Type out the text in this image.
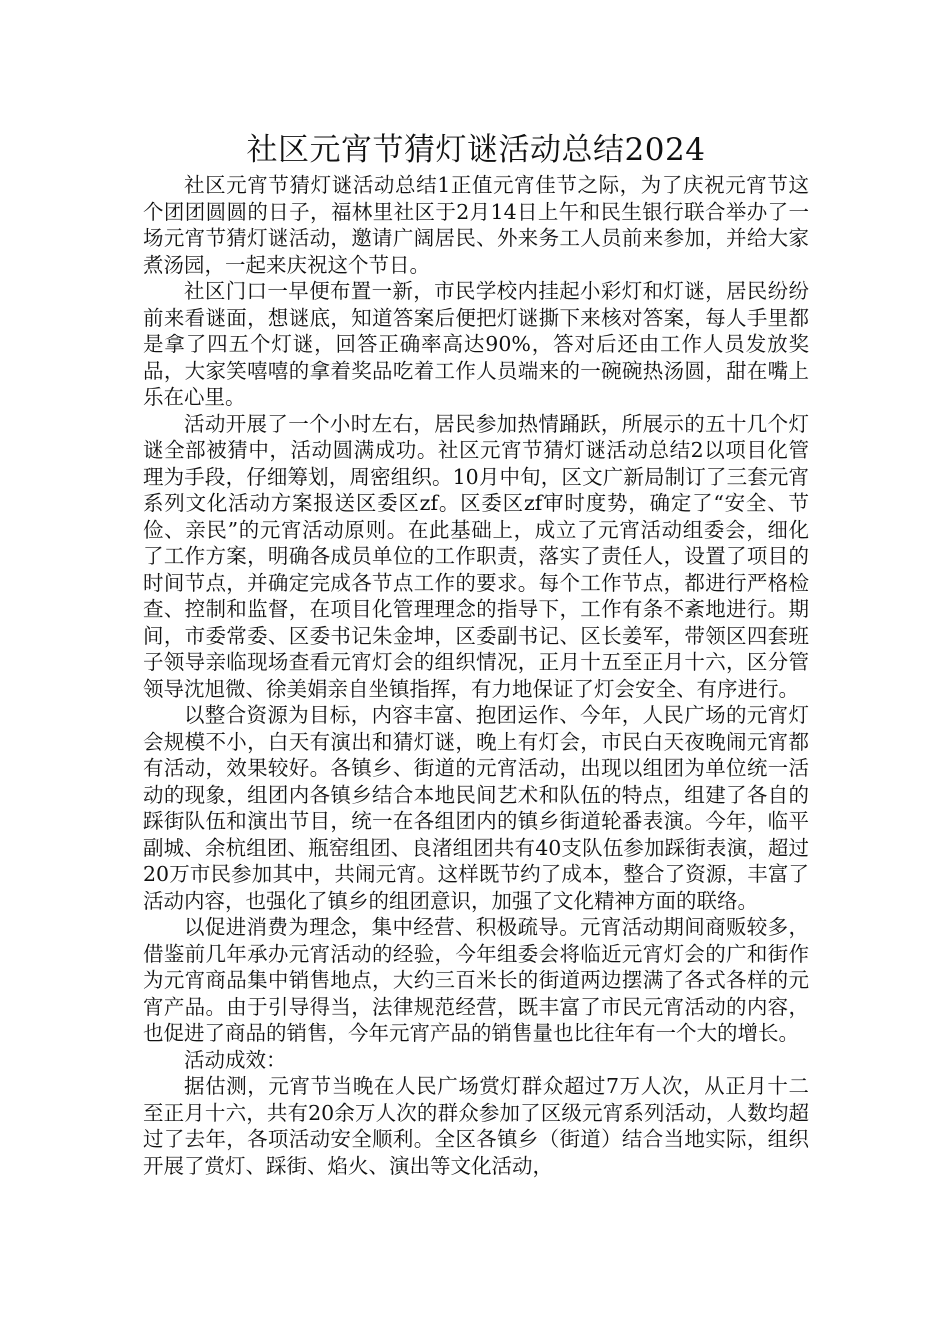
社区元宵节猜灯谜活动总结2024

社区元宵节猜灯谜活动总结1正值元宵佳节之际，为了庆祝元宵节这个团团圆圆的日子，福林里社区于2月14日上午和民生银行联合举办了一场元宵节猜灯谜活动，邀请广阔居民、外来务工人员前来参加，并给大家煮汤园，一起来庆祝这个节日。

社区门口一早便布置一新，市民学校内挂起小彩灯和灯谜，居民纷纷前来看谜面，想谜底，知道答案后便把灯谜撕下来核对答案，每人手里都是拿了四五个灯谜，回答正确率高达90%，答对后还由工作人员发放奖品，大家笑嘻嘻的拿着奖品吃着工作人员端来的一碗碗热汤圆，甜在嘴上乐在心里。

活动开展了一个小时左右，居民参加热情踊跃，所展示的五十几个灯谜全部被猜中，活动圆满成功。社区元宵节猜灯谜活动总结2以项目化管理为手段，仔细筹划，周密组织。10月中旬，区文广新局制订了三套元宵系列文化活动方案报送区委区zf。区委区zf审时度势，确定了“安全、节俭、亲民”的元宵活动原则。在此基础上，成立了元宵活动组委会，细化了工作方案，明确各成员单位的工作职责，落实了责任人，设置了项目的时间节点，并确定完成各节点工作的要求。每个工作节点，都进行严格检查、控制和监督，在项目化管理理念的指导下，工作有条不紊地进行。期间，市委常委、区委书记朱金坤，区委副书记、区长姜军，带领区四套班子领导亲临现场查看元宵灯会的组织情况，正月十五至正月十六，区分管领导沈旭微、徐美娟亲自坐镇指挥，有力地保证了灯会安全、有序进行。

以整合资源为目标，内容丰富、抱团运作、今年，人民广场的元宵灯会规模不小，白天有演出和猜灯谜，晚上有灯会，市民白天夜晚闹元宵都有活动，效果较好。各镇乡、街道的元宵活动，出现以组团为单位统一活动的现象，组团内各镇乡结合本地民间艺术和队伍的特点，组建了各自的踩街队伍和演出节目，统一在各组团内的镇乡街道轮番表演。今年，临平副城、余杭组团、瓶窑组团、良渚组团共有40支队伍参加踩街表演，超过20万市民参加其中，共闹元宵。这样既节约了成本，整合了资源，丰富了活动内容，也强化了镇乡的组团意识，加强了文化精神方面的联络。

以促进消费为理念，集中经营、积极疏导。元宵活动期间商贩较多，借鉴前几年承办元宵活动的经验，今年组委会将临近元宵灯会的广和街作为元宵商品集中销售地点，大约三百米长的街道两边摆满了各式各样的元宵产品。由于引导得当，法律规范经营，既丰富了市民元宵活动的内容，也促进了商品的销售，今年元宵产品的销售量也比往年有一个大的增长。

活动成效：

据估测，元宵节当晚在人民广场赏灯群众超过7万人次，从正月十二至正月十六，共有20余万人次的群众参加了区级元宵系列活动，人数均超过了去年，各项活动安全顺利。全区各镇乡（街道）结合当地实际，组织开展了赏灯、踩街、焰火、演出等文化活动，
